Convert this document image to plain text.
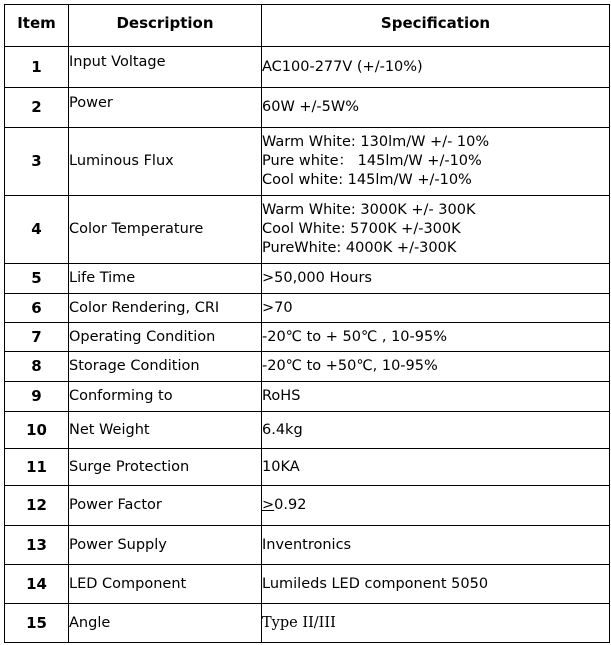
Item	Description	Specification
1	Input Voltage	AC100-277V (+/-10%)

2	Power	60W +/-5W%

3	Luminous Flux	Warm White: 130lm/W +/- 10%
Pure white： 145lm/W +/-10%
Cool white: 145lm/W +/-10%

4	Color Temperature	Warm White: 3000K +/- 300K
Cool White: 5700K +/-300K
PureWhite: 4000K +/-300K

5	Life Time	>50,000 Hours

6	Color Rendering, CRI	>70

7	Operating Condition	-20℃ to + 50℃ , 10-95%

8	Storage Condition	-20℃ to +50℃, 10-95%

9	Conforming to	RoHS

10	Net Weight	6.4kg

11	Surge Protection	10KA

12	Power Factor	≥0.92

13	Power Supply	Inventronics

14	LED Component	Lumileds LED component 5050

15	Angle	Type II/III
